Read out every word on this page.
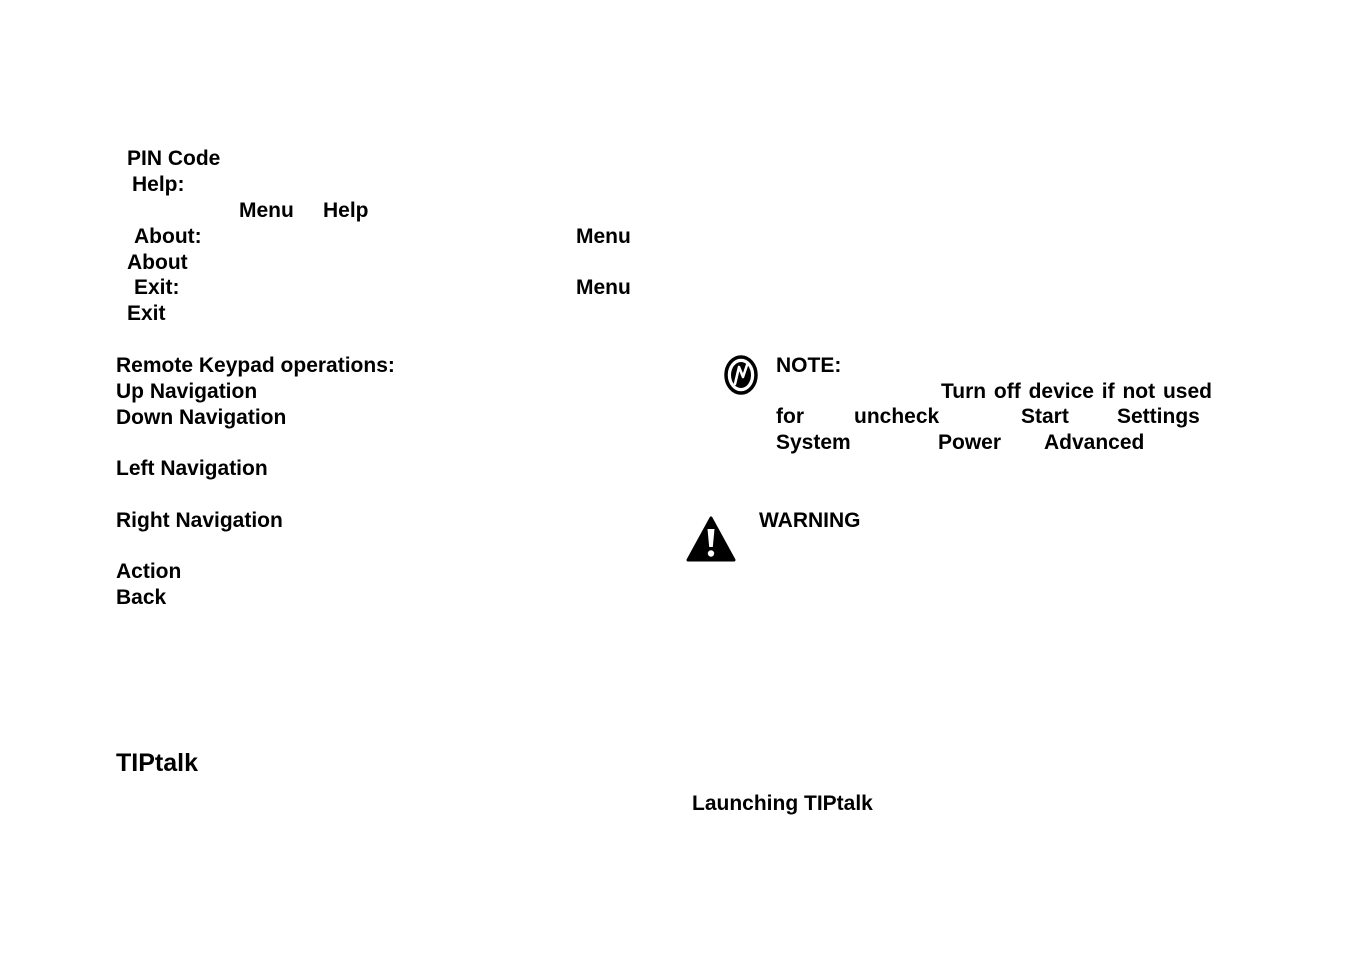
PIN Code
Help:
Menu Help
About:	Menu
About
Exit:	Menu
Exit
Remote Keypad operations:
Up Navigation
Down Navigation
Left Navigation
Right Navigation
Action
Back
TIPtalk
NOTE:
Turn off device if not used
for uncheck	Start Settings
System	Power Advanced
WARNING
Launching TIPtalk
